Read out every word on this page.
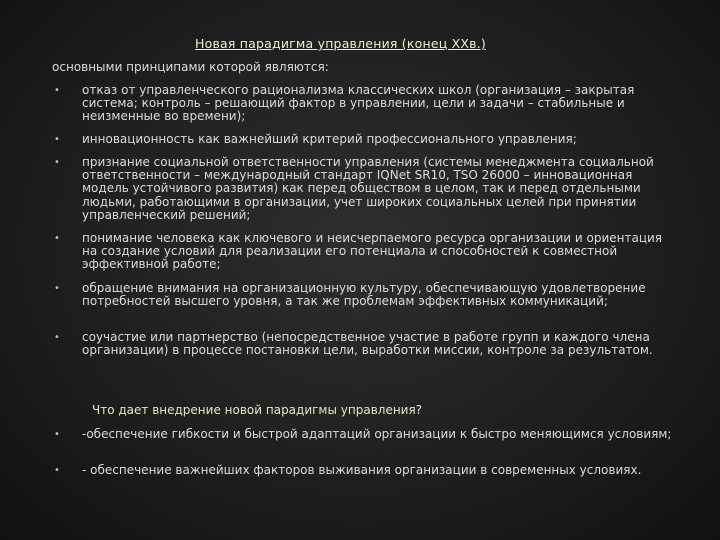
Новая парадигма управления (конец XXв.)
основными принципами которой являются:
• отказ от управленческого рационализма классических школ (организация – закрытая система; контроль – решающий фактор в управлении, цели и задачи – стабильные и неизменные во времени);
• инновационность как важнейший критерий профессионального управления;
• признание социальной ответственности управления (системы менеджмента социальной ответственности – международный стандарт IQNet SR10, ТSО 26000 – инновационная модель устойчивого развития) как перед обществом в целом, так и перед отдельными людьми, работающими в организации, учет широких социальных целей при принятии управленческий решений;
• понимание человека как ключевого и неисчерпаемого ресурса организации и ориентация на создание условий для реализации его потенциала и способностей к совместной эффективной работе;
• обращение внимания на организационную культуру, обеспечивающую удовлетворение потребностей высшего уровня, а так же проблемам эффективных коммуникаций;
• соучастие или партнерство (непосредственное участие в работе групп и каждого члена организации) в процессе постановки цели, выработки миссии, контроле за результатом.
Что дает внедрение новой парадигмы управления?
• -обеспечение гибкости и быстрой адаптаций организации к быстро меняющимся условиям;
• - обеспечение важнейших факторов выживания организации в современных условиях.
